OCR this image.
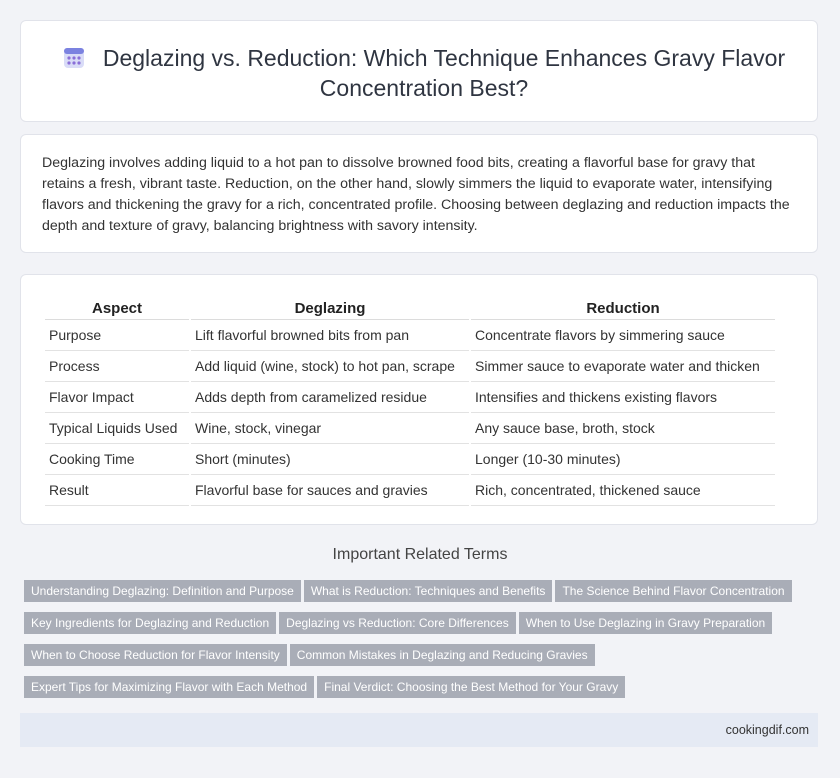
Deglazing vs. Reduction: Which Technique Enhances Gravy Flavor Concentration Best?

Deglazing involves adding liquid to a hot pan to dissolve browned food bits, creating a flavorful base for gravy that retains a fresh, vibrant taste. Reduction, on the other hand, slowly simmers the liquid to evaporate water, intensifying flavors and thickening the gravy for a rich, concentrated profile. Choosing between deglazing and reduction impacts the depth and texture of gravy, balancing brightness with savory intensity.

Aspect	Deglazing	Reduction
Purpose	Lift flavorful browned bits from pan	Concentrate flavors by simmering sauce
Process	Add liquid (wine, stock) to hot pan, scrape	Simmer sauce to evaporate water and thicken
Flavor Impact	Adds depth from caramelized residue	Intensifies and thickens existing flavors
Typical Liquids Used	Wine, stock, vinegar	Any sauce base, broth, stock
Cooking Time	Short (minutes)	Longer (10-30 minutes)
Result	Flavorful base for sauces and gravies	Rich, concentrated, thickened sauce
Important Related Terms
Understanding Deglazing: Definition and Purpose What is Reduction: Techniques and Benefits The Science Behind Flavor ConcentrationKey Ingredients for Deglazing and Reduction Deglazing vs Reduction: Core Differences When to Use Deglazing in Gravy PreparationWhen to Choose Reduction for Flavor Intensity Common Mistakes in Deglazing and Reducing GraviesExpert Tips for Maximizing Flavor with Each Method Final Verdict: Choosing the Best Method for Your Gravy
cookingdif.com
